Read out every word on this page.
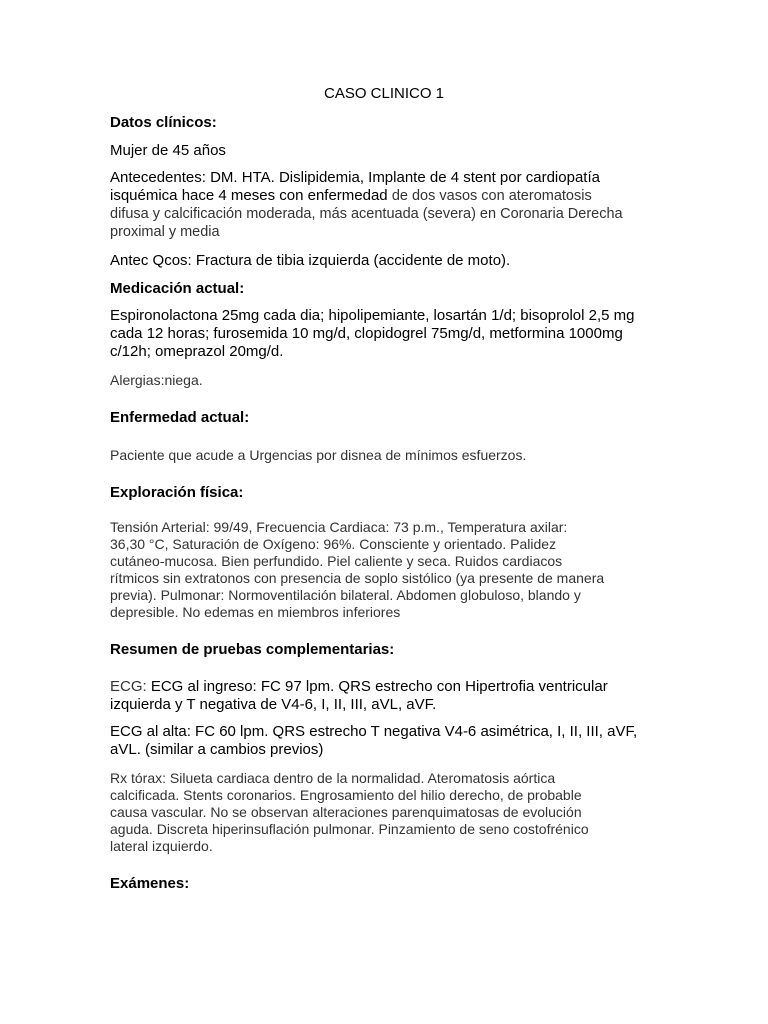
CASO CLINICO 1

Datos clínicos:

Mujer de 45 años

Antecedentes: DM. HTA. Dislipidemia, Implante de 4 stent por cardiopatía
isquémica hace 4 meses con enfermedad de dos vasos con ateromatosis
difusa y calcificación moderada, más acentuada (severa) en Coronaria Derecha
proximal y media

Antec Qcos: Fractura de tibia izquierda (accidente de moto).

Medicación actual:

Espironolactona 25mg cada dia; hipolipemiante, losartán 1/d; bisoprolol 2,5 mg
cada 12 horas; furosemida 10 mg/d, clopidogrel 75mg/d, metformina 1000mg
c/12h; omeprazol 20mg/d.

Alergias:niega.

Enfermedad actual:

Paciente que acude a Urgencias por disnea de mínimos esfuerzos.

Exploración física:

Tensión Arterial: 99/49, Frecuencia Cardiaca: 73 p.m., Temperatura axilar:
36,30 °C, Saturación de Oxígeno: 96%. Consciente y orientado. Palidez
cutáneo-mucosa. Bien perfundido. Piel caliente y seca. Ruidos cardiacos
rítmicos sin extratonos con presencia de soplo sistólico (ya presente de manera
previa). Pulmonar: Normoventilación bilateral. Abdomen globuloso, blando y
depresible. No edemas en miembros inferiores

Resumen de pruebas complementarias:

ECG: ECG al ingreso: FC 97 lpm. QRS estrecho con Hipertrofia ventricular
izquierda y T negativa de V4-6, I, II, III, aVL, aVF.

ECG al alta: FC 60 lpm. QRS estrecho T negativa V4-6 asimétrica, I, II, III, aVF,
aVL. (similar a cambios previos)

Rx tórax: Silueta cardiaca dentro de la normalidad. Ateromatosis aórtica
calcificada. Stents coronarios. Engrosamiento del hilio derecho, de probable
causa vascular. No se observan alteraciones parenquimatosas de evolución
aguda. Discreta hiperinsuflación pulmonar. Pinzamiento de seno costofrénico
lateral izquierdo.

Exámenes:
